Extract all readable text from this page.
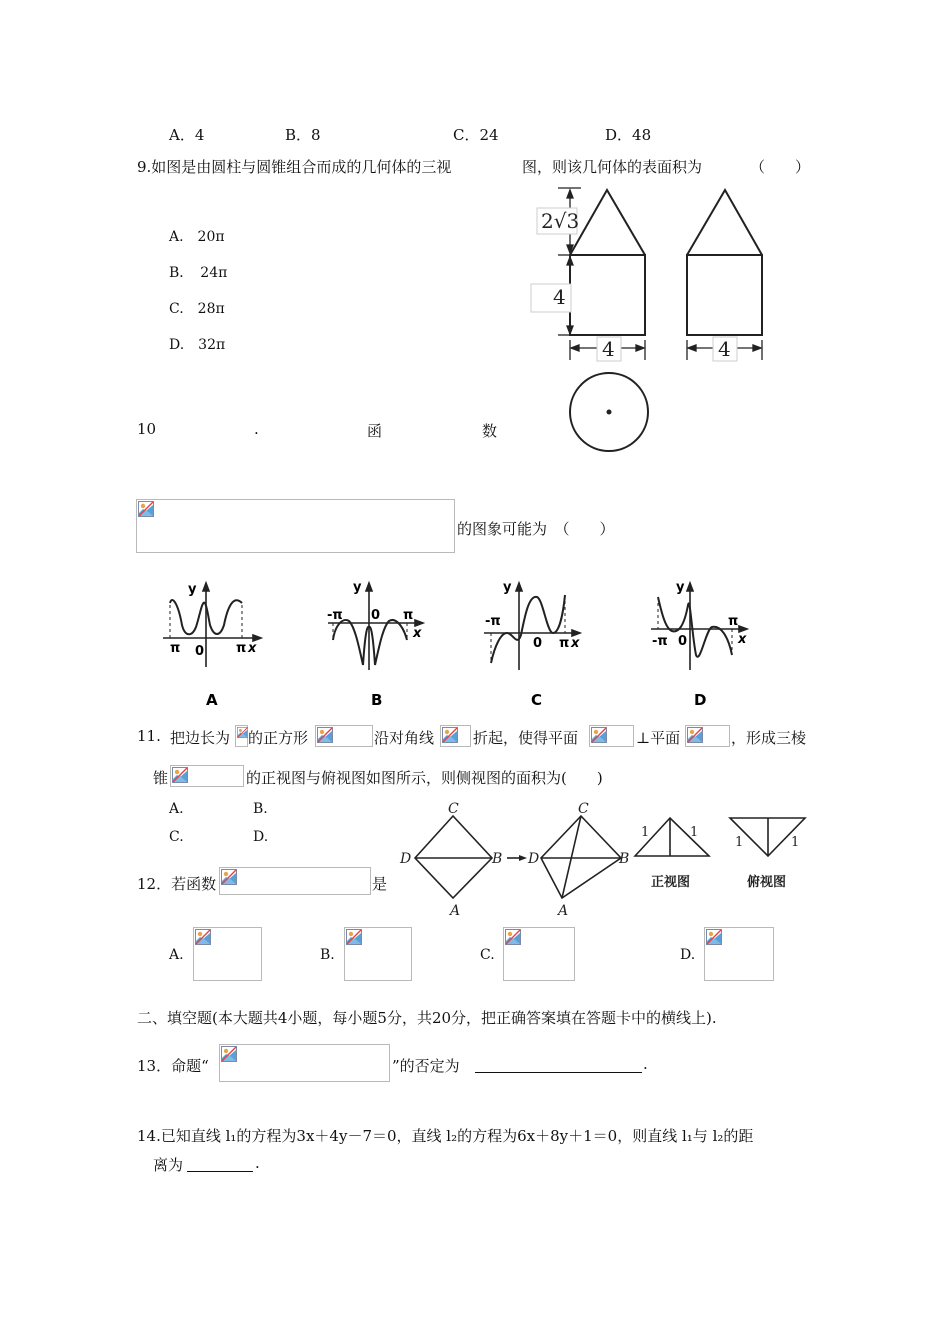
A．4	B．8	C．24	D．48
9.如图是由圆柱与圆锥组合而成的几何体的三视	图，则该几何体的表面积为	（　　）
A.　20π
B．　24π
C.　28π
D.　32π
2√3
4
4	4
10	.	函	数
的图象可能为　（　　）
y
π 0 π x
A
y
-π 0 π
x
B
y
-π
0 π x
C
y
-π 0
π
x
D
11. 把边长为 的正方形	沿对角线	折起，使得平面	⊥平面	，形成三棱
锥	的正视图与俯视图如图所示，则侧视图的面积为(　　)
A.	B.
C.	D.
C
D	B
A
C
D	B
A
1	1
1	1
正视图	俯视图
12．若函数	是
A.	B.	C.	D.
二、填空题(本大题共4小题，每小题5分，共20分，把正确答案填在答题卡中的横线上).
13．命题“	”的否定为	.
14.已知直线 l₁的方程为3x＋4y－7＝0，直线 l₂的方程为6x＋8y＋1＝0，则直线 l₁与 l₂的距
离为	.
